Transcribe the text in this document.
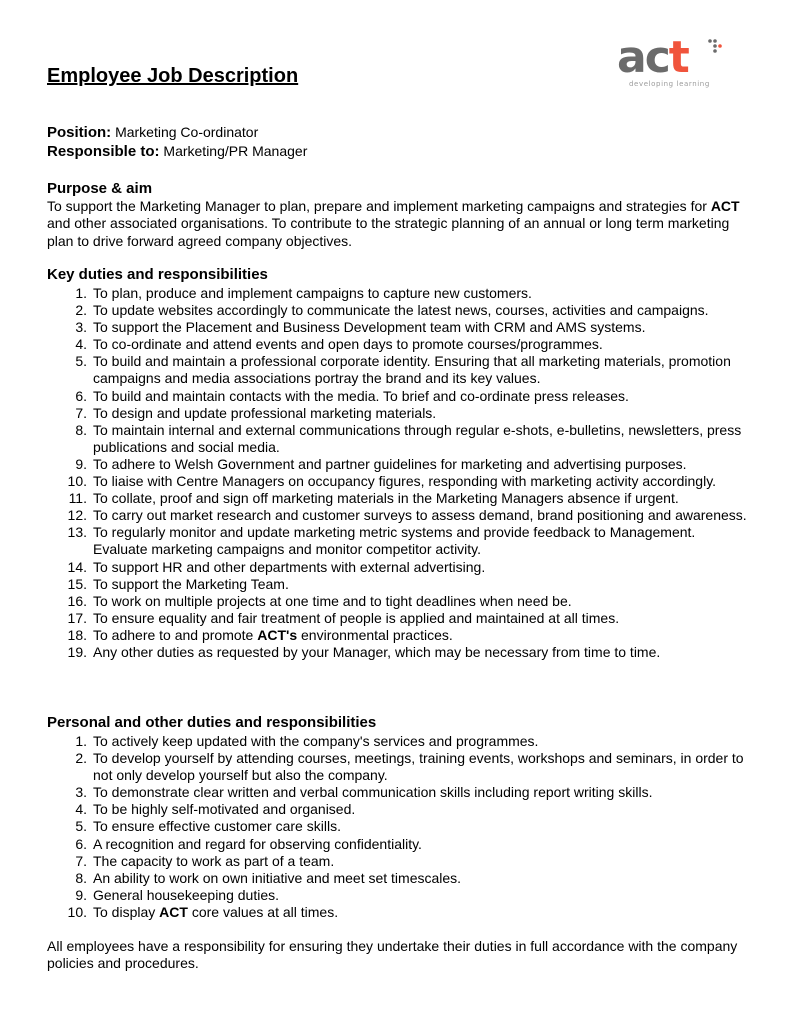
act
developing learning
Employee Job Description
Position: Marketing Co-ordinator
Responsible to: Marketing/PR Manager
Purpose & aim

To support the Marketing Manager to plan, prepare and implement marketing campaigns and strategies for ACT and other associated organisations. To contribute to the strategic planning of an annual or long term marketing plan to drive forward agreed company objectives.

Key duties and responsibilities
1. To plan, produce and implement campaigns to capture new customers.
2. To update websites accordingly to communicate the latest news, courses, activities and campaigns.
3. To support the Placement and Business Development team with CRM and AMS systems.
4. To co-ordinate and attend events and open days to promote courses/programmes.
5. To build and maintain a professional corporate identity. Ensuring that all marketing materials, promotion campaigns and media associations portray the brand and its key values.
6. To build and maintain contacts with the media. To brief and co-ordinate press releases.
7. To design and update professional marketing materials.
8. To maintain internal and external communications through regular e-shots, e-bulletins, newsletters, press publications and social media.
9. To adhere to Welsh Government and partner guidelines for marketing and advertising purposes.
10. To liaise with Centre Managers on occupancy figures, responding with marketing activity accordingly.
11. To collate, proof and sign off marketing materials in the Marketing Managers absence if urgent.
12. To carry out market research and customer surveys to assess demand, brand positioning and awareness.
13. To regularly monitor and update marketing metric systems and provide feedback to Management. Evaluate marketing campaigns and monitor competitor activity.
14. To support HR and other departments with external advertising.
15. To support the Marketing Team.
16. To work on multiple projects at one time and to tight deadlines when need be.
17. To ensure equality and fair treatment of people is applied and maintained at all times.
18. To adhere to and promote ACT's environmental practices.
19. Any other duties as requested by your Manager, which may be necessary from time to time.
Personal and other duties and responsibilities
1. To actively keep updated with the company's services and programmes.
2. To develop yourself by attending courses, meetings, training events, workshops and seminars, in order to not only develop yourself but also the company.
3. To demonstrate clear written and verbal communication skills including report writing skills.
4. To be highly self-motivated and organised.
5. To ensure effective customer care skills.
6. A recognition and regard for observing confidentiality.
7. The capacity to work as part of a team.
8. An ability to work on own initiative and meet set timescales.
9. General housekeeping duties.
10. To display ACT core values at all times.

All employees have a responsibility for ensuring they undertake their duties in full accordance with the company policies and procedures.
